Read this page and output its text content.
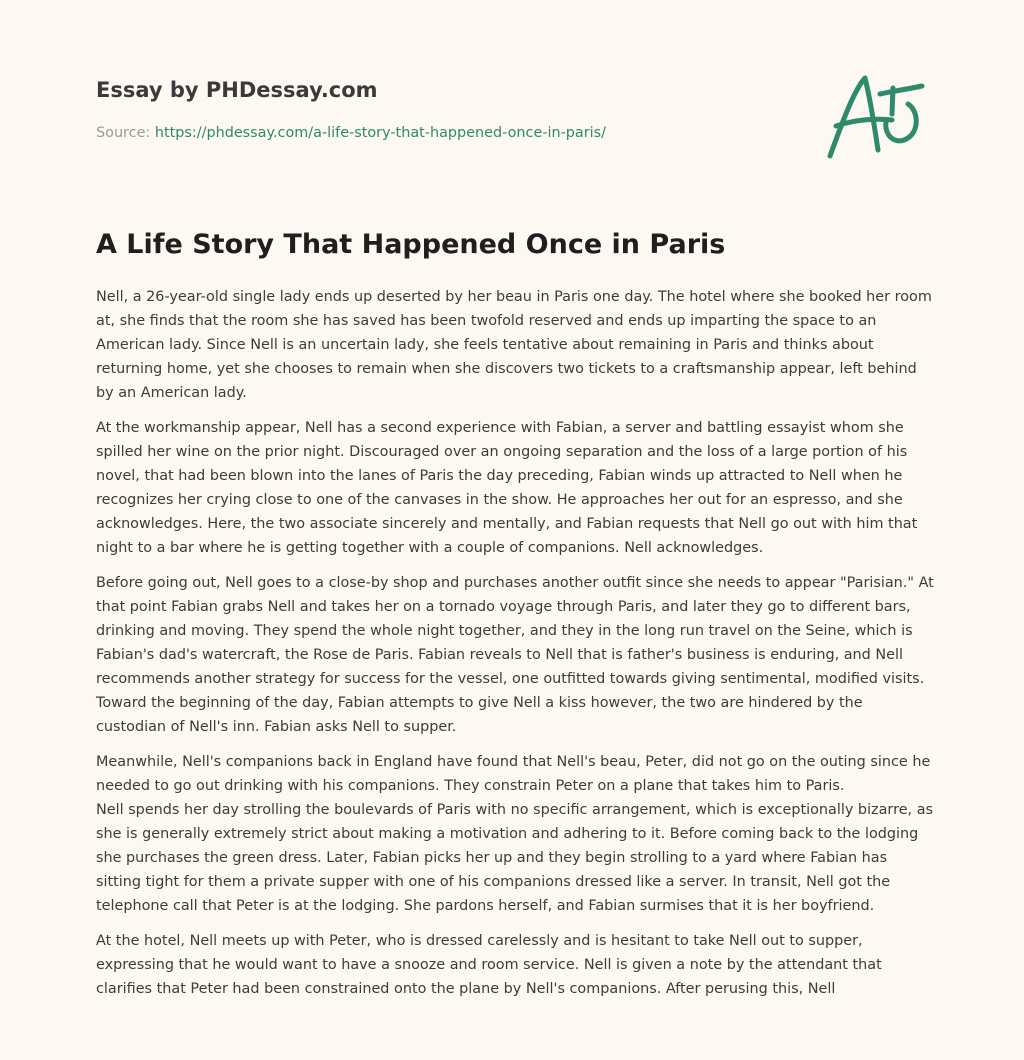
Essay by PHDessay.com
Source: https://phdessay.com/a-life-story-that-happened-once-in-paris/
A Life Story That Happened Once in Paris

Nell, a 26-year-old single lady ends up deserted by her beau in Paris one day. The hotel where she booked her room at, she finds that the room she has saved has been twofold reserved and ends up imparting the space to an American lady. Since Nell is an uncertain lady, she feels tentative about remaining in Paris and thinks about returning home, yet she chooses to remain when she discovers two tickets to a craftsmanship appear, left behind by an American lady.

At the workmanship appear, Nell has a second experience with Fabian, a server and battling essayist whom she spilled her wine on the prior night. Discouraged over an ongoing separation and the loss of a large portion of his novel, that had been blown into the lanes of Paris the day preceding, Fabian winds up attracted to Nell when he recognizes her crying close to one of the canvases in the show. He approaches her out for an espresso, and she acknowledges. Here, the two associate sincerely and mentally, and Fabian requests that Nell go out with him that night to a bar where he is getting together with a couple of companions. Nell acknowledges.

Before going out, Nell goes to a close-by shop and purchases another outfit since she needs to appear "Parisian." At that point Fabian grabs Nell and takes her on a tornado voyage through Paris, and later they go to different bars, drinking and moving. They spend the whole night together, and they in the long run travel on the Seine, which is Fabian's dad's watercraft, the Rose de Paris. Fabian reveals to Nell that is father's business is enduring, and Nell recommends another strategy for success for the vessel, one outfitted towards giving sentimental, modified visits. Toward the beginning of the day, Fabian attempts to give Nell a kiss however, the two are hindered by the custodian of Nell's inn. Fabian asks Nell to supper.

Meanwhile, Nell's companions back in England have found that Nell's beau, Peter, did not go on the outing since he needed to go out drinking with his companions. They constrain Peter on a plane that takes him to Paris.

Nell spends her day strolling the boulevards of Paris with no specific arrangement, which is exceptionally bizarre, as she is generally extremely strict about making a motivation and adhering to it. Before coming back to the lodging she purchases the green dress. Later, Fabian picks her up and they begin strolling to a yard where Fabian has sitting tight for them a private supper with one of his companions dressed like a server. In transit, Nell got the telephone call that Peter is at the lodging. She pardons herself, and Fabian surmises that it is her boyfriend.

At the hotel, Nell meets up with Peter, who is dressed carelessly and is hesitant to take Nell out to supper, expressing that he would want to have a snooze and room service. Nell is given a note by the attendant that clarifies that Peter had been constrained onto the plane by Nell's companions. After perusing this, Nell
